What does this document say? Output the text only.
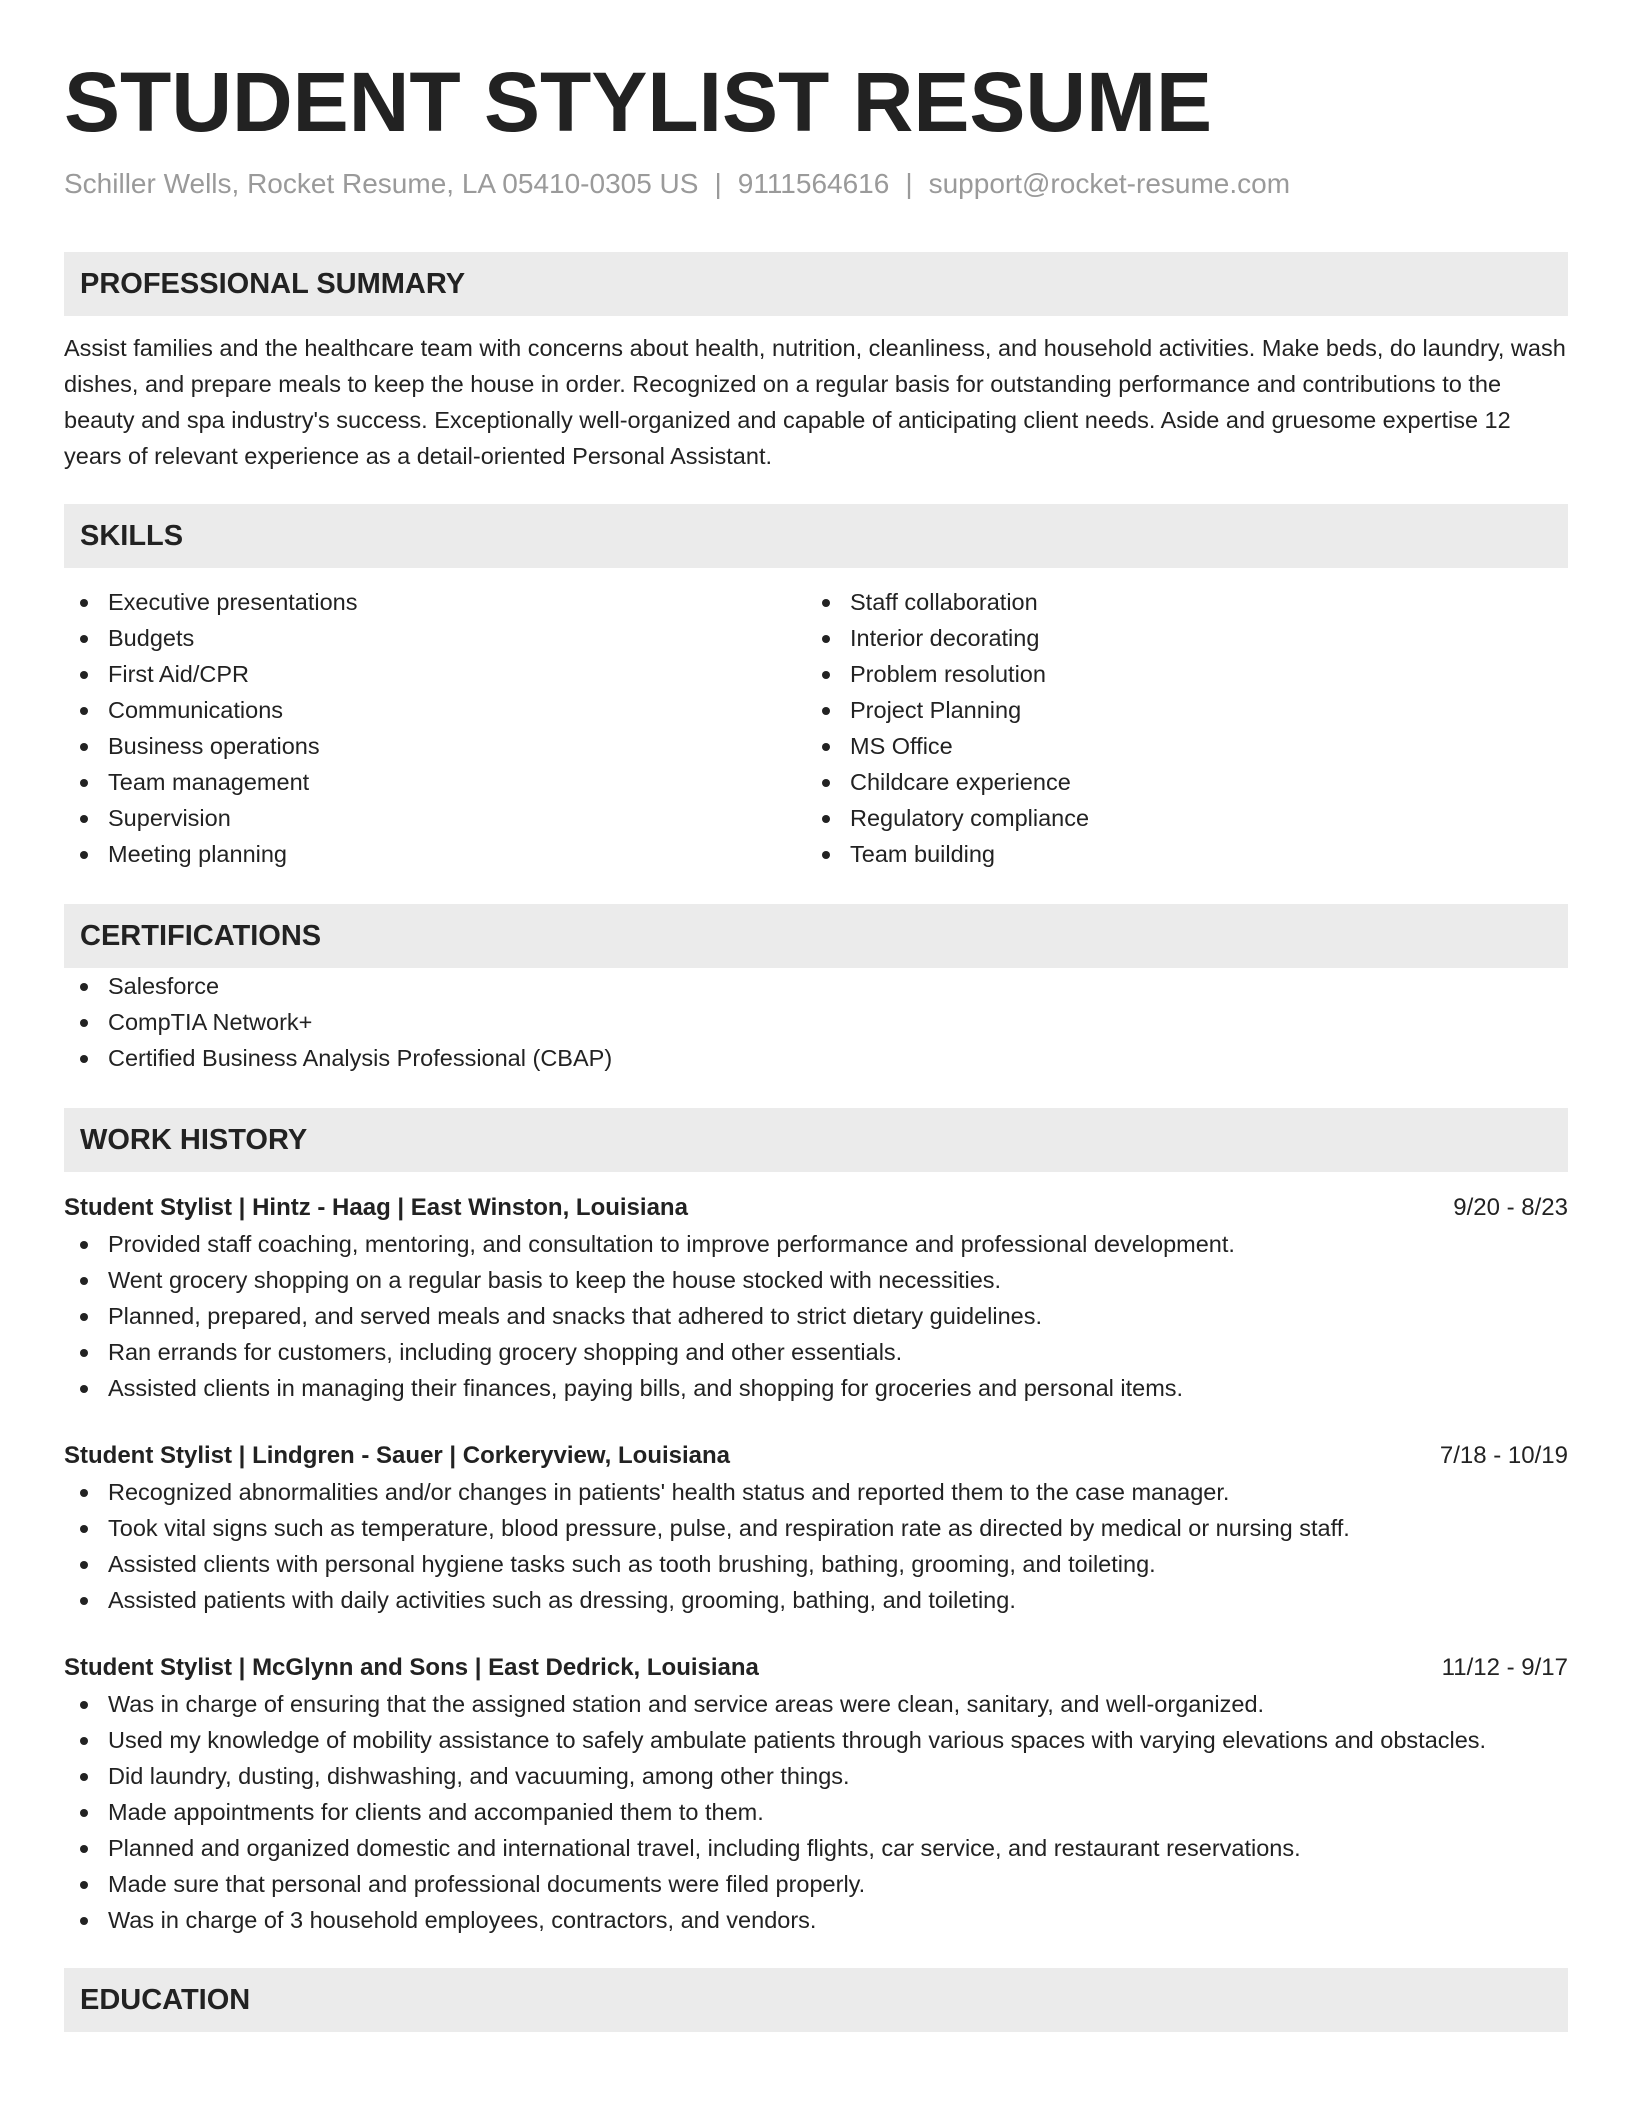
STUDENT STYLIST RESUME
Schiller Wells, Rocket Resume, LA 05410-0305 US | 9111564616 | support@rocket-resume.com
PROFESSIONAL SUMMARY
Assist families and the healthcare team with concerns about health, nutrition, cleanliness, and household activities. Make beds, do laundry, wash dishes, and prepare meals to keep the house in order. Recognized on a regular basis for outstanding performance and contributions to the beauty and spa industry's success. Exceptionally well-organized and capable of anticipating client needs. Aside and gruesome expertise 12 years of relevant experience as a detail-oriented Personal Assistant.
SKILLS
Executive presentations
Budgets
First Aid/CPR
Communications
Business operations
Team management
Supervision
Meeting planning
Staff collaboration
Interior decorating
Problem resolution
Project Planning
MS Office
Childcare experience
Regulatory compliance
Team building
CERTIFICATIONS
Salesforce
CompTIA Network+
Certified Business Analysis Professional (CBAP)
WORK HISTORY
Student Stylist | Hintz - Haag | East Winston, Louisiana	9/20 - 8/23
Provided staff coaching, mentoring, and consultation to improve performance and professional development.
Went grocery shopping on a regular basis to keep the house stocked with necessities.
Planned, prepared, and served meals and snacks that adhered to strict dietary guidelines.
Ran errands for customers, including grocery shopping and other essentials.
Assisted clients in managing their finances, paying bills, and shopping for groceries and personal items.
Student Stylist | Lindgren - Sauer | Corkeryview, Louisiana	7/18 - 10/19
Recognized abnormalities and/or changes in patients' health status and reported them to the case manager.
Took vital signs such as temperature, blood pressure, pulse, and respiration rate as directed by medical or nursing staff.
Assisted clients with personal hygiene tasks such as tooth brushing, bathing, grooming, and toileting.
Assisted patients with daily activities such as dressing, grooming, bathing, and toileting.
Student Stylist | McGlynn and Sons | East Dedrick, Louisiana	11/12 - 9/17
Was in charge of ensuring that the assigned station and service areas were clean, sanitary, and well-organized.
Used my knowledge of mobility assistance to safely ambulate patients through various spaces with varying elevations and obstacles.
Did laundry, dusting, dishwashing, and vacuuming, among other things.
Made appointments for clients and accompanied them to them.
Planned and organized domestic and international travel, including flights, car service, and restaurant reservations.
Made sure that personal and professional documents were filed properly.
Was in charge of 3 household employees, contractors, and vendors.
EDUCATION
